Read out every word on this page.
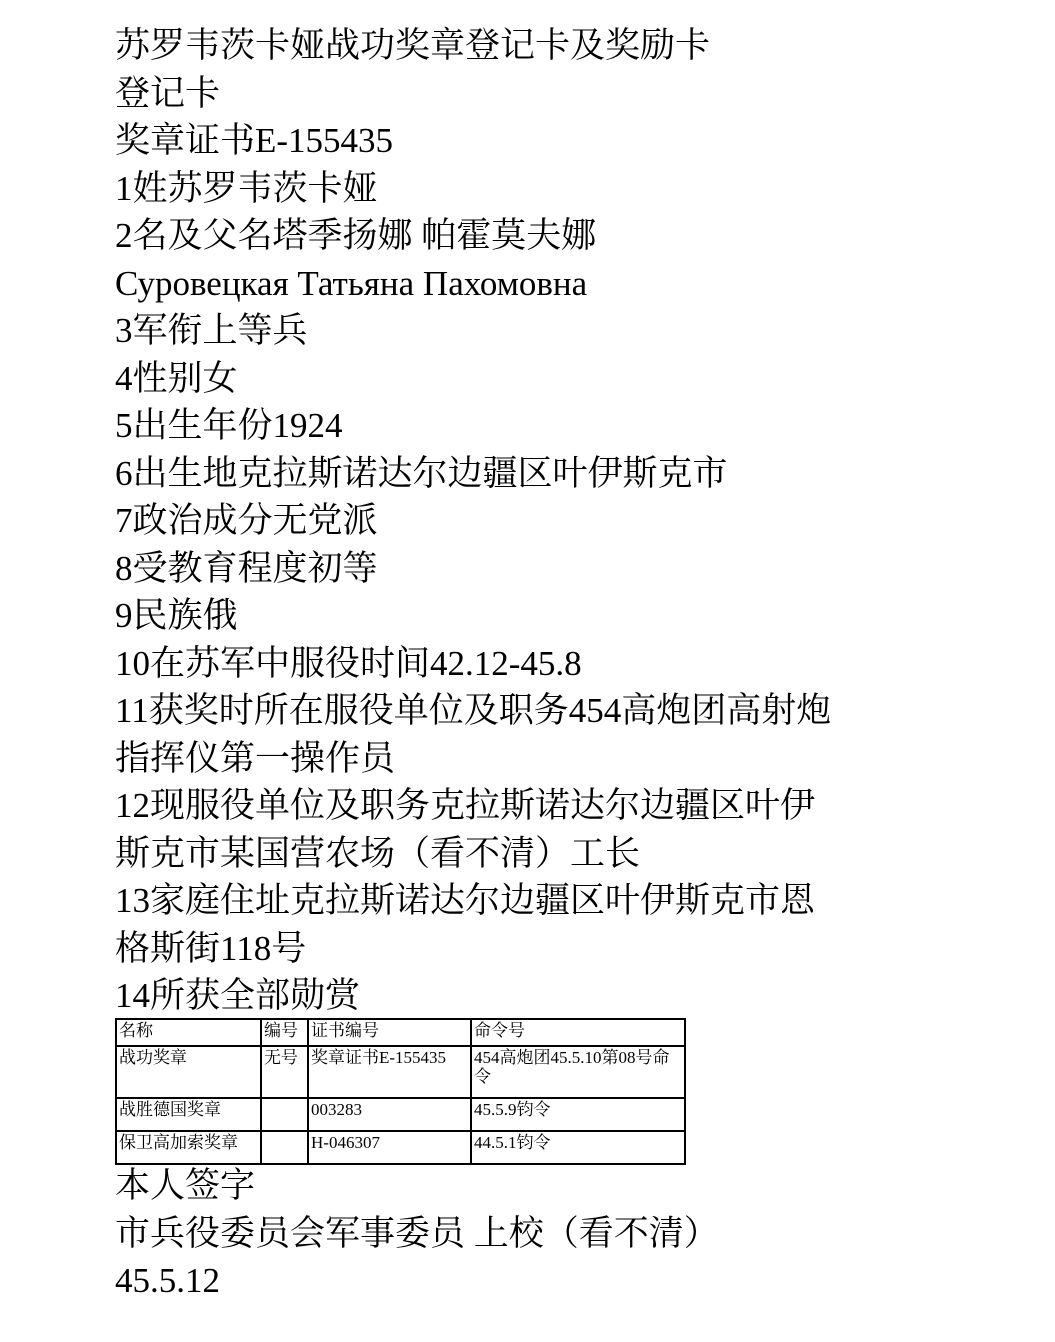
苏罗韦茨卡娅战功奖章登记卡及奖励卡
登记卡
奖章证书E-155435
1姓苏罗韦茨卡娅
2名及父名塔季扬娜 帕霍莫夫娜
Суровецкая Татьяна Пахомовна
3军衔上等兵
4性别女
5出生年份1924
6出生地克拉斯诺达尔边疆区叶伊斯克市
7政治成分无党派
8受教育程度初等
9民族俄
10在苏军中服役时间42.12-45.8
11获奖时所在服役单位及职务454高炮团高射炮
指挥仪第一操作员
12现服役单位及职务克拉斯诺达尔边疆区叶伊
斯克市某国营农场（看不清）工长
13家庭住址克拉斯诺达尔边疆区叶伊斯克市恩
格斯街118号
14所获全部勋赏
名称	编号	证书编号	命令号
战功奖章	无号	奖章证书E-155435	454高炮团45.5.10第08号命令
战胜德国奖章		003283	45.5.9钧令
保卫高加索奖章		H-046307	44.5.1钧令
本人签字
市兵役委员会军事委员 上校（看不清）
45.5.12
